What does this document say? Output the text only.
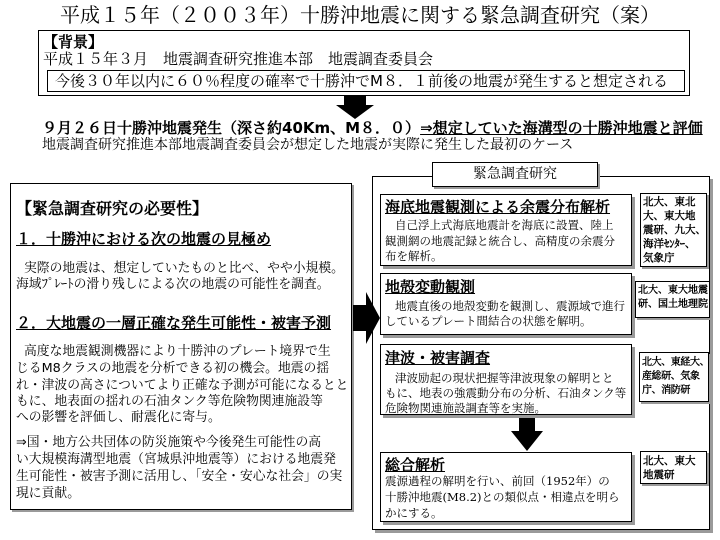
平成１５年（２００３年）十勝沖地震に関する緊急調査研究（案）
【背景】
平成１５年３月　地震調査研究推進本部　地震調査委員会
今後３０年以内に６０％程度の確率で十勝沖でM８．１前後の地震が発生すると想定される
９月２６日十勝沖地震発生（深さ約40Km、M８．０）⇒想定していた海溝型の十勝沖地震と評価
地震調査研究推進本部地震調査委員会が想定した地震が実際に発生した最初のケース
【緊急調査研究の必要性】
１．十勝沖における次の地震の見極め
実際の地震は、想定していたものと比べ、やや小規模。
海域ﾌﾟﾚｰﾄの滑り残しによる次の地震の可能性を調査。
２．大地震の一層正確な発生可能性・被害予測
高度な地震観測機器により十勝沖のプレート境界で生
じるM8クラスの地震を分析できる初の機会。地震の揺
れ・津波の高さについてより正確な予測が可能になるとと
もに、地表面の揺れの石油タンク等危険物関連施設等
への影響を評価し、耐震化に寄与。
⇒国・地方公共団体の防災施策や今後発生可能性の高
い大規模海溝型地震（宮城県沖地震等）における地震発
生可能性・被害予測に活用し、「安全・安心な社会」の実
現に貢献。
緊急調査研究
海底地震観測による余震分布解析
自己浮上式海底地震計を海底に設置、陸上
観測網の地震記録と統合し、高精度の余震分
布を解析。
北大、東北
大、東大地
震研、九大、
海洋ｾﾝﾀｰ、
気象庁
地殻変動観測
地震直後の地殻変動を観測し、震源域で進行
しているプレート間結合の状態を解明。
北大、東大地震
研、国土地理院
津波・被害調査
津波励起の現状把握等津波現象の解明とと
もに、地表の強震動分布の分析、石油タンク等
危険物関連施設調査等を実施。
北大、東経大、
産総研、気象
庁、消防研
総合解析
震源過程の解明を行い、前回（1952年）の
十勝沖地震(M8.2)との類似点・相違点を明ら
かにする。
北大、東大
地震研
